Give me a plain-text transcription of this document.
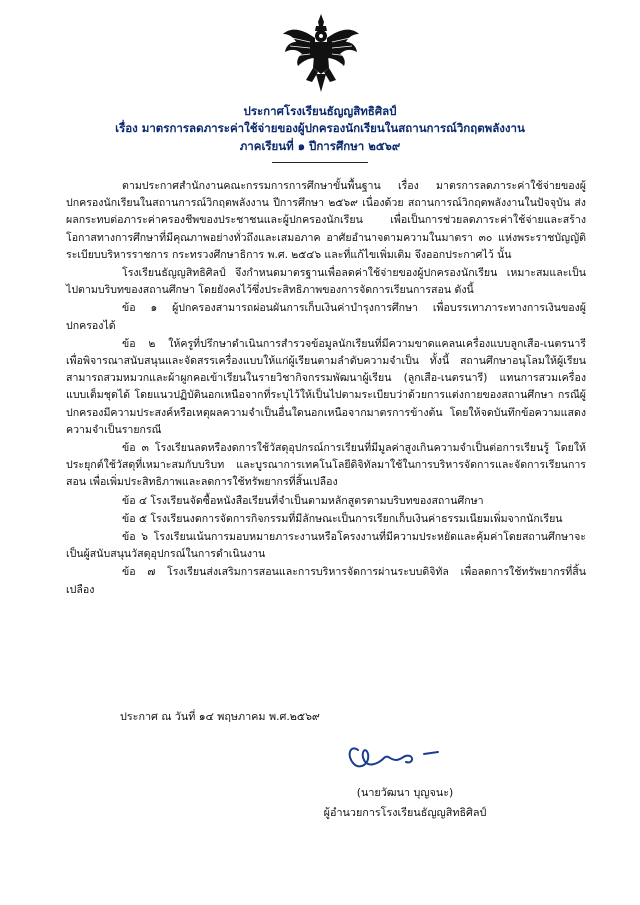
ประกาศโรงเรียนธัญญสิทธิศิลป์
เรื่อง มาตรการลดภาระค่าใช้จ่ายของผู้ปกครองนักเรียนในสถานการณ์วิกฤตพลังงาน
ภาคเรียนที่ ๑ ปีการศึกษา ๒๕๖๙

ตามประกาศสำนักงานคณะกรรมการการศึกษาขั้นพื้นฐาน เรื่อง มาตรการลดภาระค่าใช้จ่ายของผู้ปกครองนักเรียนในสถานการณ์วิกฤตพลังงาน ปีการศึกษา ๒๕๖๙ เนื่องด้วย สถานการณ์วิกฤตพลังงานในปัจจุบัน ส่งผลกระทบต่อภาระค่าครองชีพของประชาชนและผู้ปกครองนักเรียน เพื่อเป็นการช่วยลดภาระค่าใช้จ่ายและสร้างโอกาสทางการศึกษาที่มีคุณภาพอย่างทั่วถึงและเสมอภาค อาศัยอำนาจตามความในมาตรา ๓๐ แห่งพระราชบัญญัติระเบียบบริหารราชการ กระทรวงศึกษาธิการ พ.ศ. ๒๕๔๖ และที่แก้ไขเพิ่มเติม จึงออกประกาศไว้ นั้น

โรงเรียนธัญญสิทธิศิลป์ จึงกำหนดมาตรฐานเพื่อลดค่าใช้จ่ายของผู้ปกครองนักเรียน เหมาะสมและเป็นไปตามบริบทของสถานศึกษา โดยยังคงไว้ซึ่งประสิทธิภาพของการจัดการเรียนการสอน ดังนี้

ข้อ ๑ ผู้ปกครองสามารถผ่อนผันการเก็บเงินค่าบำรุงการศึกษา เพื่อบรรเทาภาระทางการเงินของผู้ปกครองได้

ข้อ ๒ ให้ครูที่ปรึกษาดำเนินการสำรวจข้อมูลนักเรียนที่มีความขาดแคลนเครื่องแบบลูกเสือ-เนตรนารี เพื่อพิจารณาสนับสนุนและจัดสรรเครื่องแบบให้แก่ผู้เรียนตามลำดับความจำเป็น ทั้งนี้ สถานศึกษาอนุโลมให้ผู้เรียนสามารถสวมหมวกและผ้าผูกคอเข้าเรียนในรายวิชากิจกรรมพัฒนาผู้เรียน (ลูกเสือ-เนตรนารี) แทนการสวมเครื่องแบบเต็มชุดได้ โดยแนวปฏิบัตินอกเหนือจากที่ระบุไว้ให้เป็นไปตามระเบียบว่าด้วยการแต่งกายของสถานศึกษา กรณีผู้ปกครองมีความประสงค์หรือเหตุผลความจำเป็นอื่นใดนอกเหนือจากมาตรการข้างต้น โดยให้จดบันทึกข้อความแสดงความจำเป็นรายกรณี

ข้อ ๓ โรงเรียนลดหรืองดการใช้วัสดุอุปกรณ์การเรียนที่มีมูลค่าสูงเกินความจำเป็นต่อการเรียนรู้ โดยให้ประยุกต์ใช้วัสดุที่เหมาะสมกับบริบท และบูรณาการเทคโนโลยีดิจิทัลมาใช้ในการบริหารจัดการและจัดการเรียนการสอน เพื่อเพิ่มประสิทธิภาพและลดการใช้ทรัพยากรที่สิ้นเปลือง

ข้อ ๔ โรงเรียนจัดซื้อหนังสือเรียนที่จำเป็นตามหลักสูตรตามบริบทของสถานศึกษา

ข้อ ๕ โรงเรียนงดการจัดการกิจกรรมที่มีลักษณะเป็นการเรียกเก็บเงินค่าธรรมเนียมเพิ่มจากนักเรียน

ข้อ ๖ โรงเรียนเน้นการมอบหมายภาระงานหรือโครงงานที่มีความประหยัดและคุ้มค่าโดยสถานศึกษาจะเป็นผู้สนับสนุนวัสดุอุปกรณ์ในการดำเนินงาน

ข้อ ๗ โรงเรียนส่งเสริมการสอนและการบริหารจัดการผ่านระบบดิจิทัล เพื่อลดการใช้ทรัพยากรที่สิ้นเปลือง

ประกาศ ณ วันที่ ๑๔ พฤษภาคม พ.ศ.๒๕๖๙
(นายวัฒนา บุญจนะ)
ผู้อำนวยการโรงเรียนธัญญสิทธิศิลป์
